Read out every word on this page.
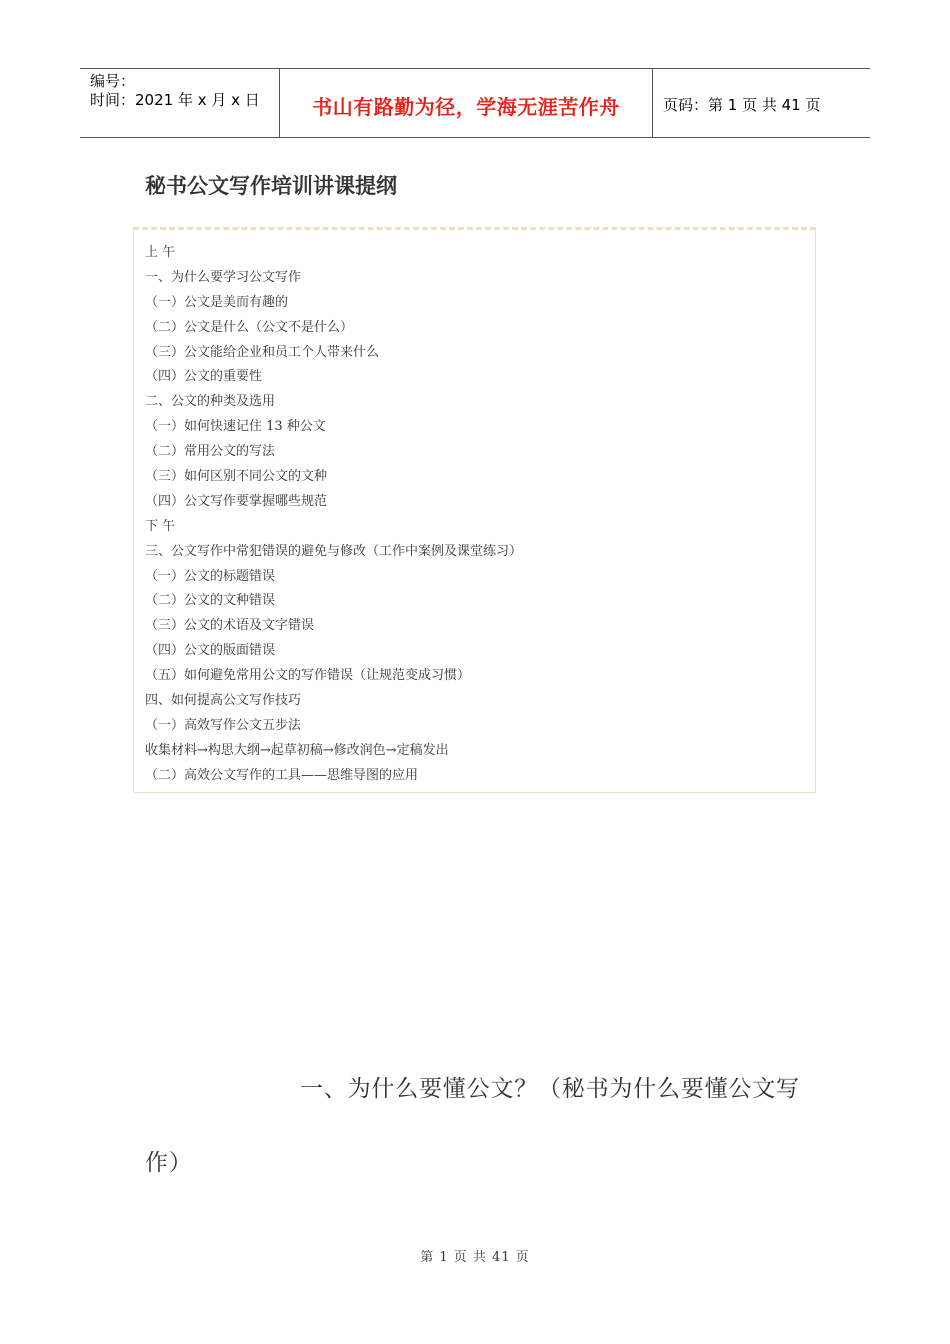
编号：
时间：2021 年 x 月 x 日	书山有路勤为径，学海无涯苦作舟	页码：第 1 页 共 41 页
秘书公文写作培训讲课提纲
上 午
一、为什么要学习公文写作
（一）公文是美而有趣的
（二）公文是什么（公文不是什么）
（三）公文能给企业和员工个人带来什么
（四）公文的重要性
二、公文的种类及选用
（一）如何快速记住 13 种公文
（二）常用公文的写法
（三）如何区别不同公文的文种
（四）公文写作要掌握哪些规范
下 午
三、公文写作中常犯错误的避免与修改（工作中案例及课堂练习）
（一）公文的标题错误
（二）公文的文种错误
（三）公文的术语及文字错误
（四）公文的版面错误
（五）如何避免常用公文的写作错误（让规范变成习惯）
四、如何提高公文写作技巧
（一）高效写作公文五步法
收集材料→构思大纲→起草初稿→修改润色→定稿发出
（二）高效公文写作的工具——思维导图的应用
一、为什么要懂公文？（秘书为什么要懂公文写作）
第 1 页 共 41 页
